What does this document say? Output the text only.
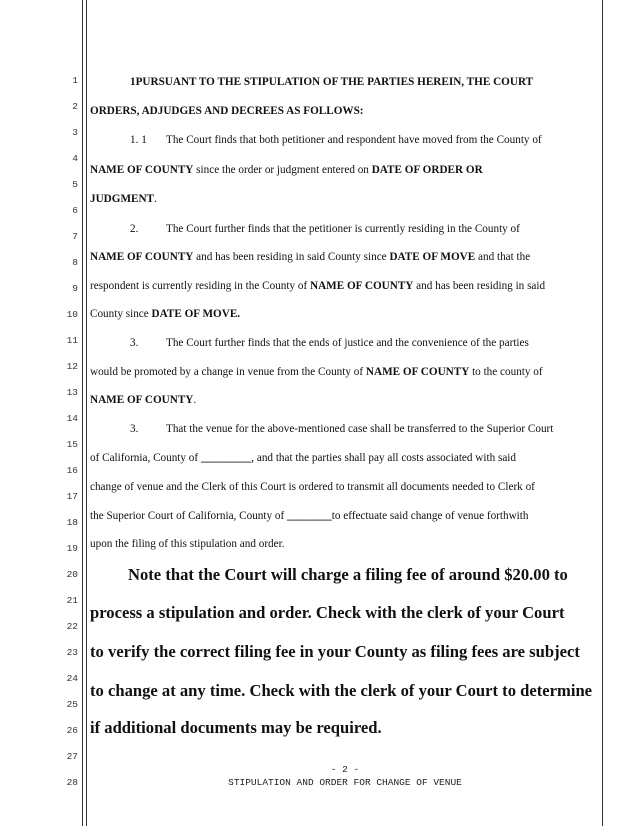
1
2
3
4
5
6
7
8
9
10
11
12
13
14
15
16
17
18
19
20
21
22
23
24
25
26
27
28
1PURSUANT TO THE STIPULATION OF THE PARTIES HEREIN, THE COURT
ORDERS, ADJUDGES AND DECREES AS FOLLOWS:
1. 1 The Court finds that both petitioner and respondent have moved from the County of
NAME OF COUNTY since the order or judgment entered on DATE OF ORDER OR
JUDGMENT.
2. The Court further finds that the petitioner is currently residing in the County of
NAME OF COUNTY and has been residing in said County since DATE OF MOVE and that the
respondent is currently residing in the County of NAME OF COUNTY and has been residing in said
County since DATE OF MOVE.
3. The Court further finds that the ends of justice and the convenience of the parties
would be promoted by a change in venue from the County of NAME OF COUNTY to the county of
NAME OF COUNTY.
3. That the venue for the above-mentioned case shall be transferred to the Superior Court
of California, County of _________, and that the parties shall pay all costs associated with said
change of venue and the Clerk of this Court is ordered to transmit all documents needed to Clerk of
the Superior Court of California, County of ________to effectuate said change of venue forthwith
upon the filing of this stipulation and order.
Note that the Court will charge a filing fee of around $20.00 to
process a stipulation and order. Check with the clerk of your Court
to verify the correct filing fee in your County as filing fees are subject
to change at any time. Check with the clerk of your Court to determine
if additional documents may be required.
- 2 -
STIPULATION AND ORDER FOR CHANGE OF VENUE
